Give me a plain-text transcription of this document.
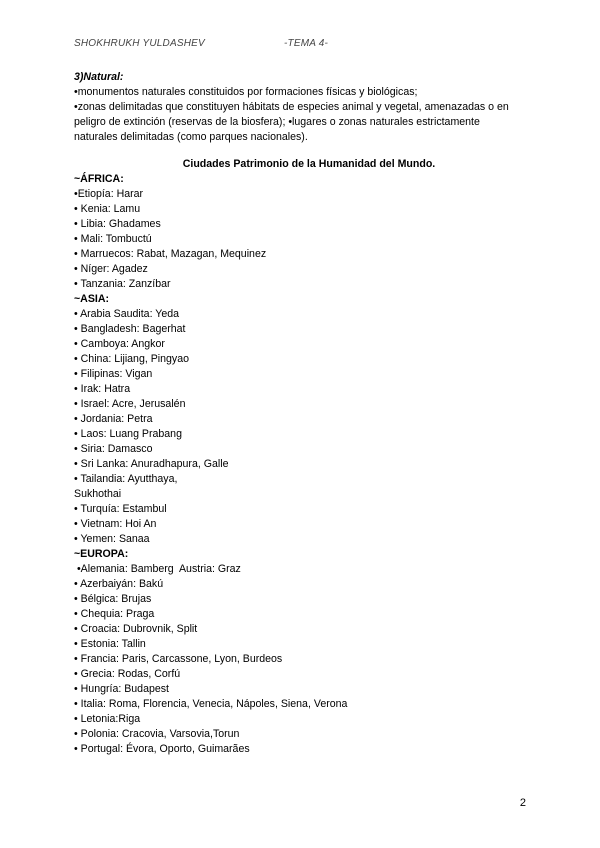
SHOKHRUKH YULDASHEV	-TEMA 4-
3)Natural:

•monumentos naturales constituidos por formaciones físicas y biológicas;

•zonas delimitadas que constituyen hábitats de especies animal y vegetal, amenazadas o en

peligro de extinción (reservas de la biosfera); •lugares o zonas naturales estrictamente

naturales delimitadas (como parques nacionales).

Ciudades Patrimonio de la Humanidad del Mundo.

~ÁFRICA:

•Etiopía: Harar
• Kenia: Lamu
• Libia: Ghadames
• Mali: Tombuctú
• Marruecos: Rabat, Mazagan, Mequinez
• Níger: Agadez
• Tanzania: Zanzíbar

~ASIA:

• Arabia Saudita: Yeda
• Bangladesh: Bagerhat
• Camboya: Angkor
• China: Lijiang, Pingyao
• Filipinas: Vigan
• Irak: Hatra
• Israel: Acre, Jerusalén
• Jordania: Petra
• Laos: Luang Prabang
• Siria: Damasco
• Sri Lanka: Anuradhapura, Galle
• Tailandia: Ayutthaya,
Sukhothai
• Turquía: Estambul
• Vietnam: Hoi An
• Yemen: Sanaa

~EUROPA:

•Alemania: Bamberg  Austria: Graz
• Azerbaiyán: Bakú
• Bélgica: Brujas
• Chequia: Praga
• Croacia: Dubrovnik, Split
• Estonia: Tallin
• Francia: Paris, Carcassone, Lyon, Burdeos
• Grecia: Rodas, Corfú
• Hungría: Budapest
• Italia: Roma, Florencia, Venecia, Nápoles, Siena, Verona
• Letonia:Riga
• Polonia: Cracovia, Varsovia,Torun
• Portugal: Évora, Oporto, Guimarães
2
